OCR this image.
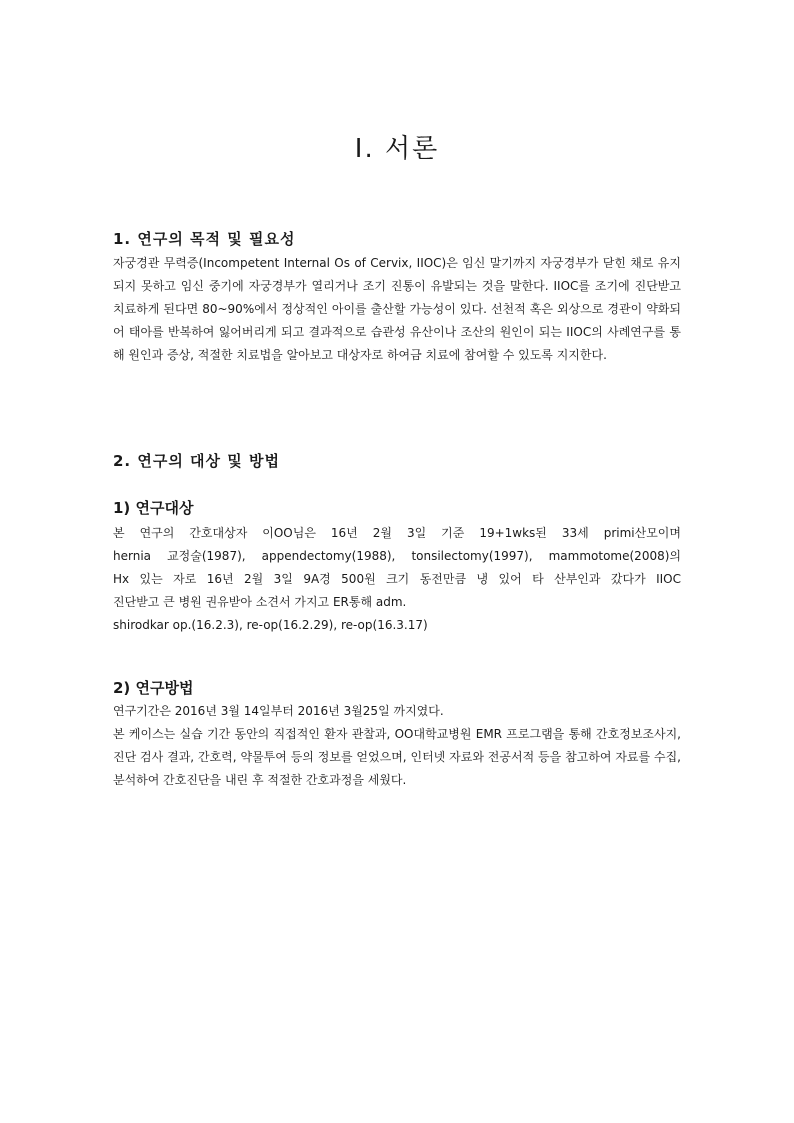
Ⅰ. 서론
1. 연구의 목적 및 필요성

자궁경관 무력증(Incompetent Internal Os of Cervix, IIOC)은 임신 말기까지 자궁경부가 닫힌 채로 유지되지 못하고 임신 중기에 자궁경부가 열리거나 조기 진통이 유발되는 것을 말한다. IIOC를 조기에 진단받고 치료하게 된다면 80~90%에서 정상적인 아이를 출산할 가능성이 있다. 선천적 혹은 외상으로 경관이 약화되어 태아를 반복하여 잃어버리게 되고 결과적으로 습관성 유산이나 조산의 원인이 되는 IIOC의 사례연구를 통해 원인과 증상, 적절한 치료법을 알아보고 대상자로 하여금 치료에 참여할 수 있도록 지지한다.

2. 연구의 대상 및 방법
1) 연구대상
본 연구의 간호대상자 이OO님은 16년 2월 3일 기준 19+1wks된 33세 primi산모이며
hernia 교정술(1987), appendectomy(1988), tonsilectomy(1997), mammotome(2008)의
Hx 있는 자로 16년 2월 3일 9A경 500원 크기 동전만큼 냉 있어 타 산부인과 갔다가 IIOC
진단받고 큰 병원 권유받아 소견서 가지고 ER통해 adm.
shirodkar op.(16.2.3), re-op(16.2.29), re-op(16.3.17)
2) 연구방법
연구기간은 2016년 3월 14일부터 2016년 3월25일 까지였다.

본 케이스는 실습 기간 동안의 직접적인 환자 관찰과, OO대학교병원 EMR 프로그램을 통해 간호정보조사지, 진단 검사 결과, 간호력, 약물투여 등의 정보를 얻었으며, 인터넷 자료와 전공서적 등을 참고하여 자료를 수집, 분석하여 간호진단을 내린 후 적절한 간호과정을 세웠다.
